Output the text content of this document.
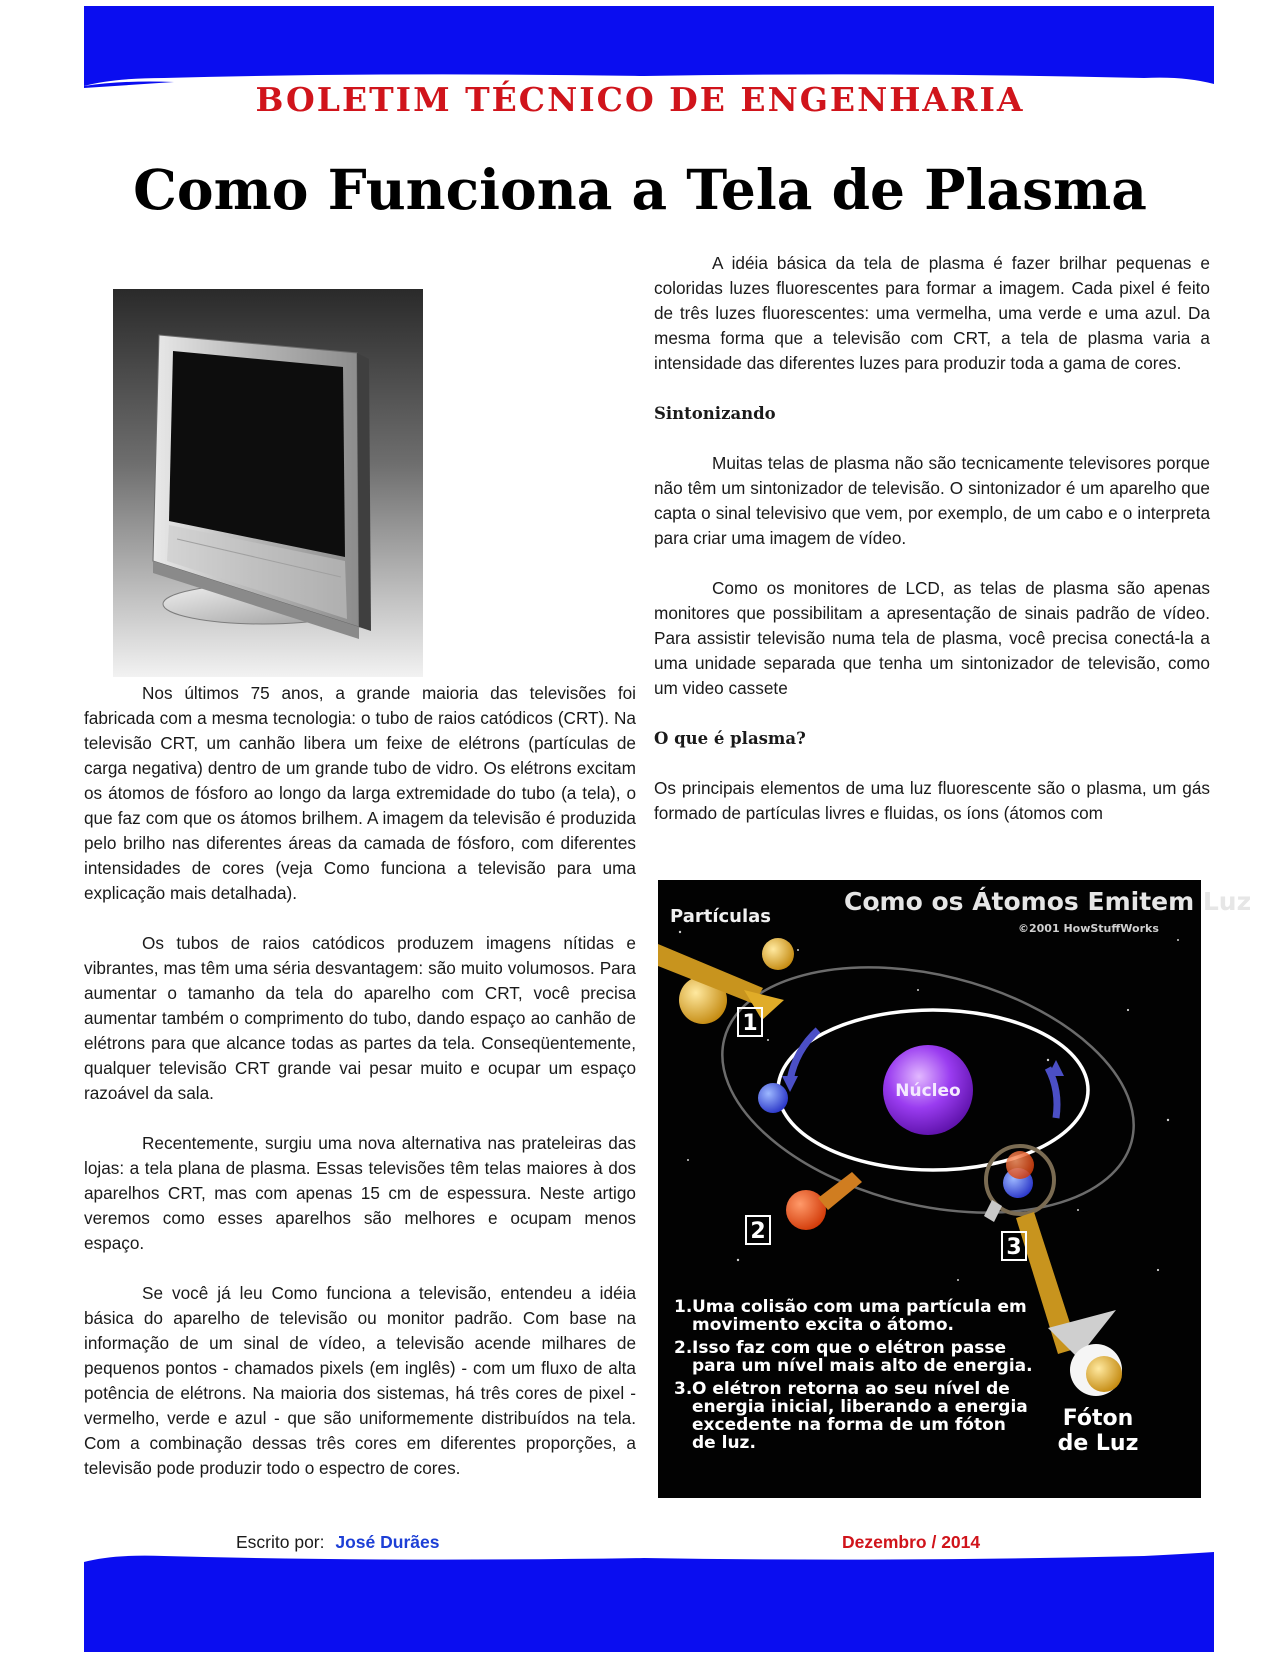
BOLETIM TÉCNICO DE ENGENHARIA
Como Funciona a Tela de Plasma

Nos últimos 75 anos, a grande maioria das televisões foi fabricada com a mesma tecnologia: o tubo de raios catódicos (CRT). Na televisão CRT, um canhão libera um feixe de elétrons (partículas de carga negativa) dentro de um grande tubo de vidro. Os elétrons excitam os átomos de fósforo ao longo da larga extremidade do tubo (a tela), o que faz com que os átomos brilhem. A imagem da televisão é produzida pelo brilho nas diferentes áreas da camada de fósforo, com diferentes intensidades de cores (veja Como funciona a televisão para uma explicação mais detalhada).

Os tubos de raios catódicos produzem imagens nítidas e vibrantes, mas têm uma séria desvantagem: são muito volumosos. Para aumentar o tamanho da tela do aparelho com CRT, você precisa aumentar também o comprimento do tubo, dando espaço ao canhão de elétrons para que alcance todas as partes da tela. Conseqüentemente, qualquer televisão CRT grande vai pesar muito e ocupar um espaço razoável da sala.

Recentemente, surgiu uma nova alternativa nas prateleiras das lojas: a tela plana de plasma. Essas televisões têm telas maiores à dos aparelhos CRT, mas com apenas 15 cm de espessura. Neste artigo veremos como esses aparelhos são melhores e ocupam menos espaço.

Se você já leu Como funciona a televisão, entendeu a idéia básica do aparelho de televisão ou monitor padrão. Com base na informação de um sinal de vídeo, a televisão acende milhares de pequenos pontos - chamados pixels (em inglês) - com um fluxo de alta potência de elétrons. Na maioria dos sistemas, há três cores de pixel - vermelho, verde e azul - que são uniformemente distribuídos na tela. Com a combinação dessas três cores em diferentes proporções, a televisão pode produzir todo o espectro de cores.

A idéia básica da tela de plasma é fazer brilhar pequenas e coloridas luzes fluorescentes para formar a imagem. Cada pixel é feito de três luzes fluorescentes: uma vermelha, uma verde e uma azul. Da mesma forma que a televisão com CRT, a tela de plasma varia a intensidade das diferentes luzes para produzir toda a gama de cores.

Sintonizando

Muitas telas de plasma não são tecnicamente televisores porque não têm um sintonizador de televisão. O sintonizador é um aparelho que capta o sinal televisivo que vem, por exemplo, de um cabo e o interpreta para criar uma imagem de vídeo.

Como os monitores de LCD, as telas de plasma são apenas monitores que possibilitam a apresentação de sinais padrão de vídeo. Para assistir televisão numa tela de plasma, você precisa conectá-la a uma unidade separada que tenha um sintonizador de televisão, como um video cassete

O que é plasma?

Os principais elementos de uma luz fluorescente são o plasma, um gás formado de partículas livres e fluidas, os íons (átomos com

Núcleo
1
2
3
Como os Átomos Emitem Luz
©2001 HowStuffWorks
Partículas
1. Uma colisão com uma partícula em
movimento excita o átomo.
2. Isso faz com que o elétron passe
para um nível mais alto de energia.
3. O elétron retorna ao seu nível de
energia inicial, liberando a energia
excedente na forma de um fóton
de luz.
Fóton
de Luz
Escrito por: José Durães	Dezembro / 2014
